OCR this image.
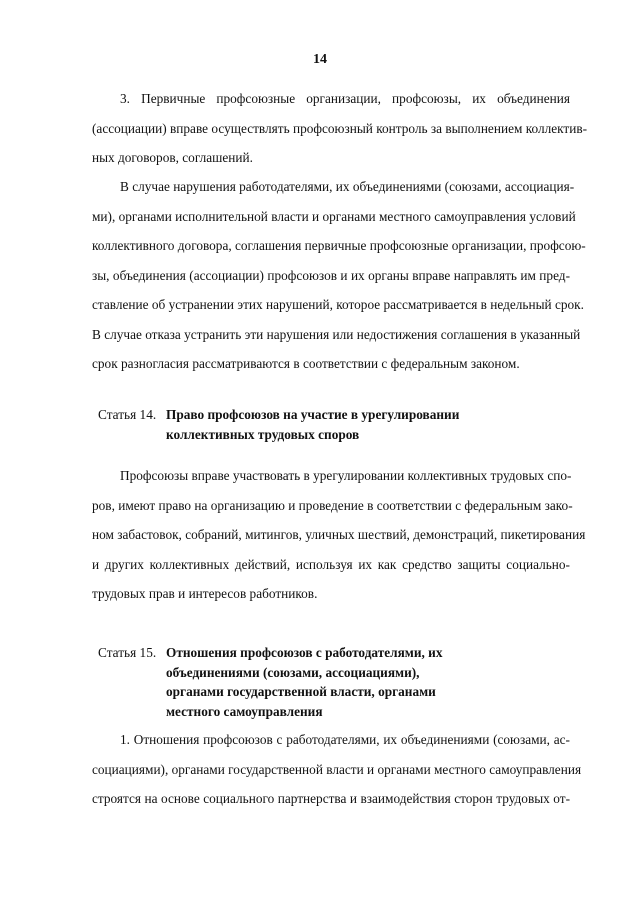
14
3. Первичные профсоюзные организации, профсоюзы, их объединения
(ассоциации) вправе осуществлять профсоюзный контроль за выполнением коллектив-
ных договоров, соглашений.
В случае нарушения работодателями, их объединениями (союзами, ассоциация-
ми), органами исполнительной власти и органами местного самоуправления условий
коллективного договора, соглашения первичные профсоюзные организации, профсою-
зы, объединения (ассоциации) профсоюзов и их органы вправе направлять им пред-
ставление об устранении этих нарушений, которое рассматривается в недельный срок.
В случае отказа устранить эти нарушения или недостижения соглашения в указанный
срок разногласия рассматриваются в соответствии с федеральным законом.
Статья 14. Право профсоюзов на участие в урегулировании
коллективных трудовых споров
Профсоюзы вправе участвовать в урегулировании коллективных трудовых спо-
ров, имеют право на организацию и проведение в соответствии с федеральным зако-
ном забастовок, собраний, митингов, уличных шествий, демонстраций, пикетирования
и других коллективных действий, используя их как средство защиты социально-
трудовых прав и интересов работников.
Статья 15. Отношения профсоюзов с работодателями, их
объединениями (союзами, ассоциациями),
органами государственной власти, органами
местного самоуправления
1. Отношения профсоюзов с работодателями, их объединениями (союзами, ас-
социациями), органами государственной власти и органами местного самоуправления
строятся на основе социального партнерства и взаимодействия сторон трудовых от-
